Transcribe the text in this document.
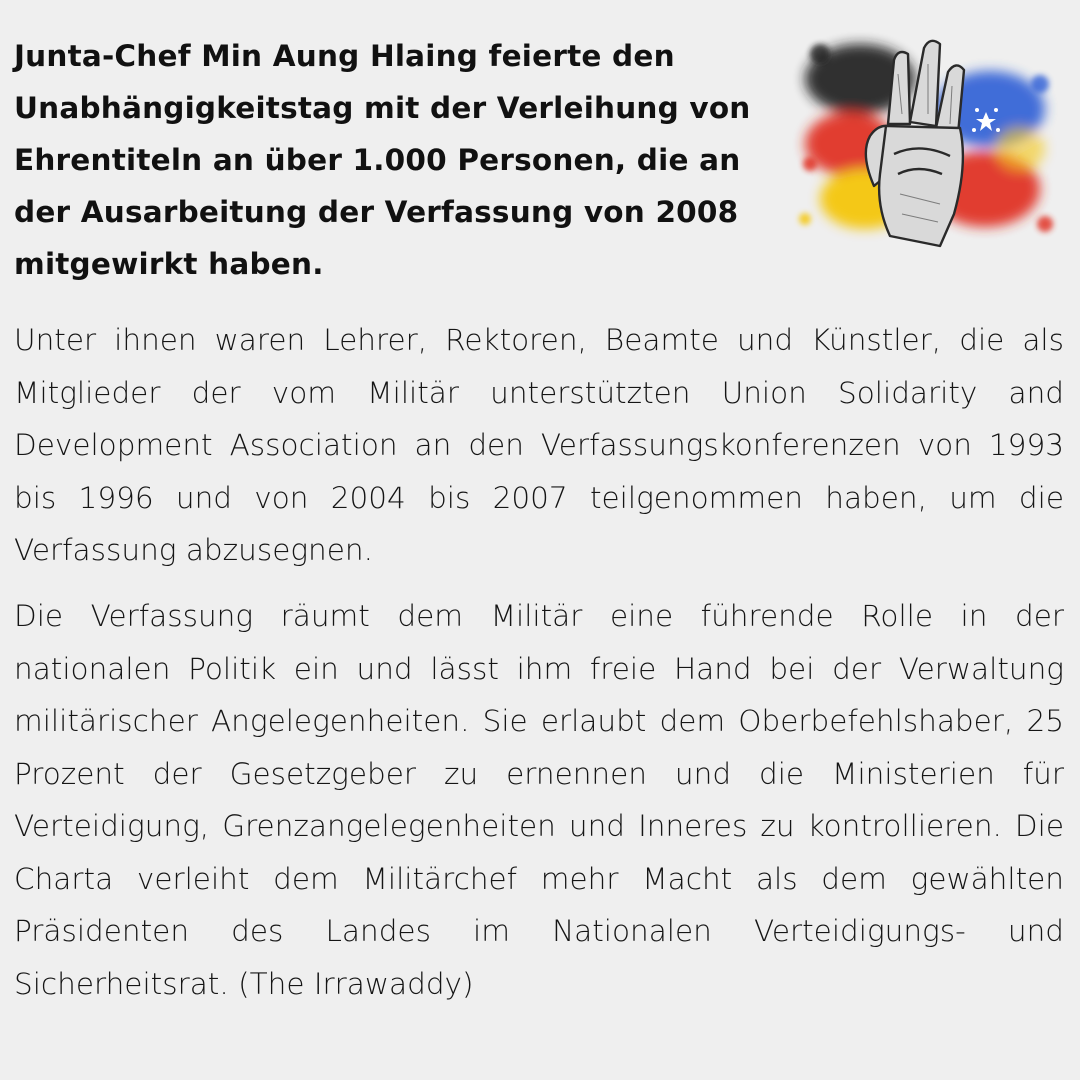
Junta-Chef Min Aung Hlaing feierte den
Unabhängigkeitstag mit der Verleihung von
Ehrentiteln an über 1.000 Personen, die an
der Ausarbeitung der Verfassung von 2008
mitgewirkt haben.

Unter ihnen waren Lehrer, Rektoren, Beamte und Künstler, die als Mitglieder der vom Militär unterstützten Union Solidarity and Development Association an den Verfassungskonferenzen von 1993 bis 1996 und von 2004 bis 2007 teilgenommen haben, um die Verfassung abzusegnen.

Die Verfassung räumt dem Militär eine führende Rolle in der nationalen Politik ein und lässt ihm freie Hand bei der Verwaltung militärischer Angelegenheiten. Sie erlaubt dem Oberbefehlshaber, 25 Prozent der Gesetzgeber zu ernennen und die Ministerien für Verteidigung, Grenzangelegenheiten und Inneres zu kontrollieren. Die Charta verleiht dem Militärchef mehr Macht als dem gewählten Präsidenten des Landes im Nationalen Verteidigungs- und Sicherheitsrat. (The Irrawaddy)
